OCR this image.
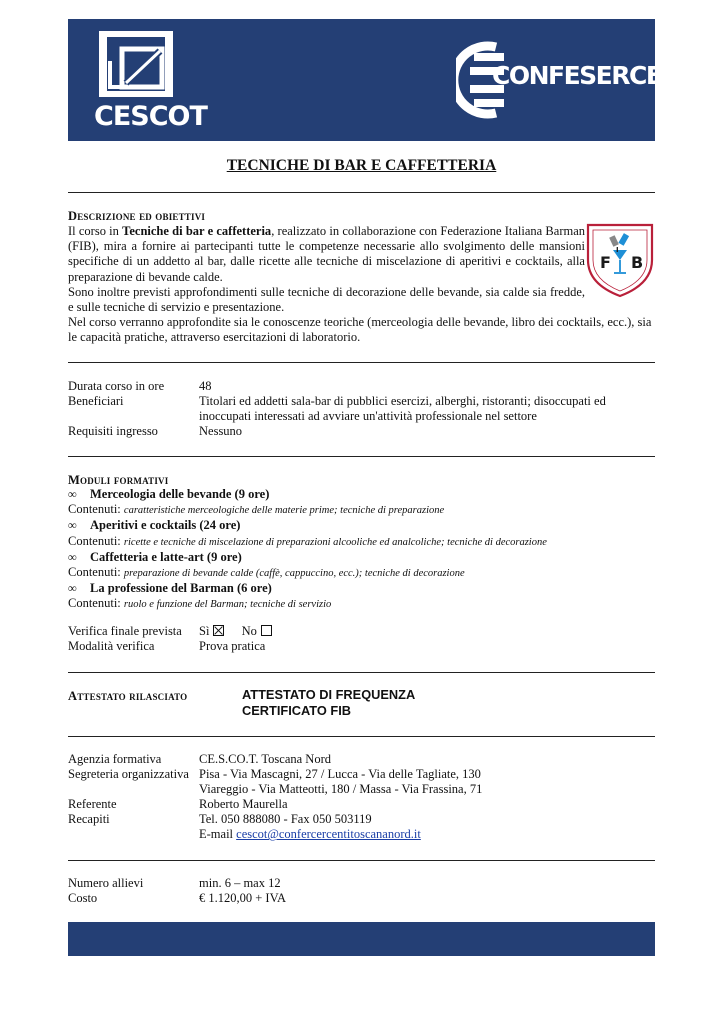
CESCOT
CONFESERCENTI
TECNICHE DI BAR E CAFFETTERIA
Descrizione ed obiettivi
Il corso in Tecniche di bar e caffetteria, realizzato in collaborazione con Federazione Italiana Barman (FIB), mira a fornire ai partecipanti tutte le competenze necessarie allo svolgimento delle mansioni specifiche di un addetto al bar, dalle ricette alle tecniche di miscelazione di aperitivi e cocktails, alla preparazione di bevande calde.
Sono inoltre previsti approfondimenti sulle tecniche di decorazione delle bevande, sia calde sia fredde, e sulle tecniche di servizio e presentazione.
Nel corso verranno approfondite sia le conoscenze teoriche (merceologia delle bevande, libro dei cocktails, ecc.), sia le capacità pratiche, attraverso esercitazioni di laboratorio.
F B
I
Durata corso in ore	48
Beneficiari	Titolari ed addetti sala-bar di pubblici esercizi, alberghi, ristoranti; disoccupati ed inoccupati interessati ad avviare un'attività professionale nel settore
Requisiti ingresso	Nessuno
Moduli formativi
∞ Merceologia delle bevande (9 ore)
Contenuti: caratteristiche merceologiche delle materie prime; tecniche di preparazione
∞ Aperitivi e cocktails (24 ore)
Contenuti: ricette e tecniche di miscelazione di preparazioni alcooliche ed analcoliche; tecniche di decorazione
∞ Caffetteria e latte-art (9 ore)
Contenuti: preparazione di bevande calde (caffè, cappuccino, ecc.); tecniche di decorazione
∞ La professione del Barman (6 ore)
Contenuti: ruolo e funzione del Barman; tecniche di servizio
Verifica finale prevista Sì	No
Modalità verifica	Prova pratica
Attestato rilasciato	ATTESTATO DI FREQUENZA
CERTIFICATO FIB
Agenzia formativa	CE.S.CO.T. Toscana Nord
Segreteria organizzativa Pisa - Via Mascagni, 27 / Lucca - Via delle Tagliate, 130
Viareggio - Via Matteotti, 180 / Massa - Via Frassina, 71
Referente	Roberto Maurella
Recapiti	Tel. 050 888080 - Fax 050 503119
E-mail cescot@confercercentitoscananord.it
Numero allievi	min. 6 – max 12
Costo	€ 1.120,00 + IVA
